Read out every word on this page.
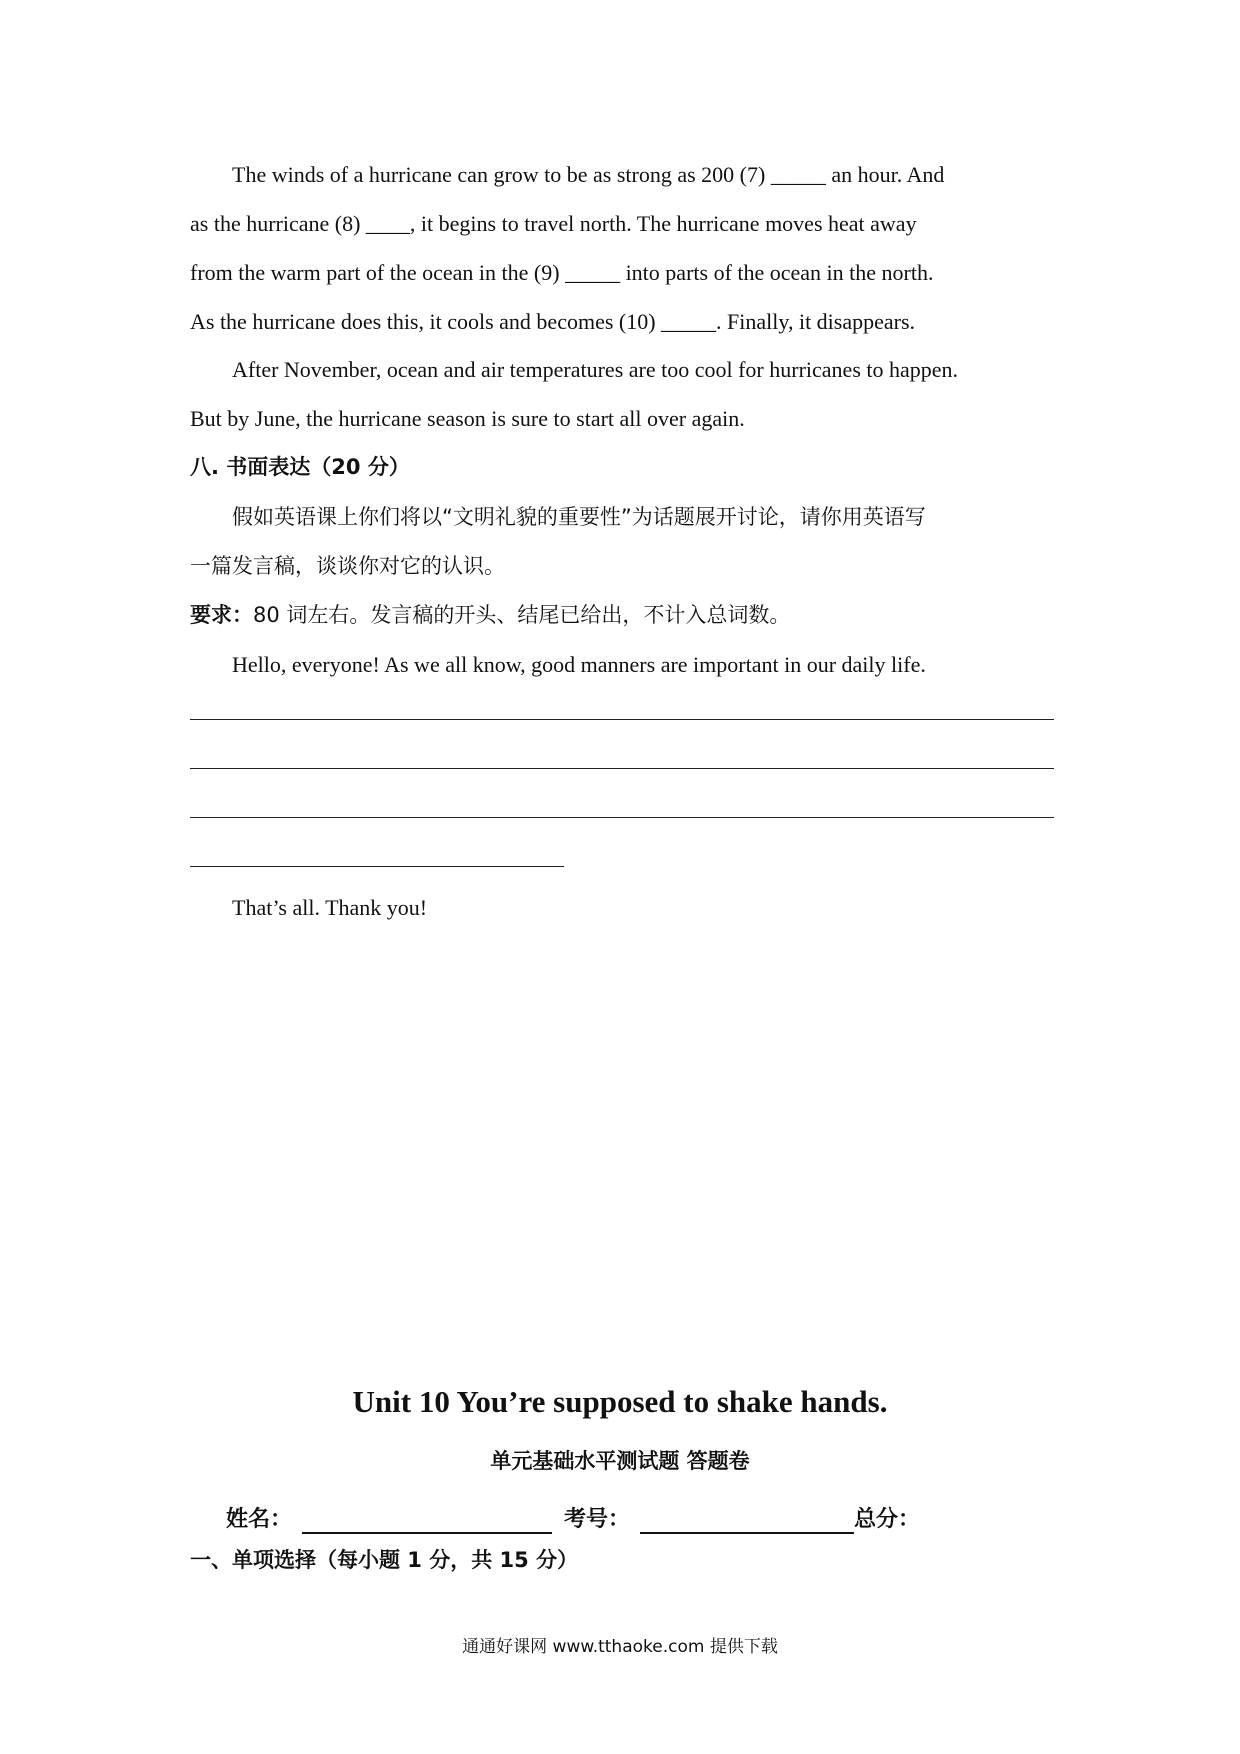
The winds of a hurricane can grow to be as strong as 200 (7) _____ an hour. And
as the hurricane (8) ____, it begins to travel north. The hurricane moves heat away
from the warm part of the ocean in the (9) _____ into parts of the ocean in the north.
As the hurricane does this, it cools and becomes (10) _____. Finally, it disappears.
After November, ocean and air temperatures are too cool for hurricanes to happen.
But by June, the hurricane season is sure to start all over again.
八. 书面表达（20 分）
假如英语课上你们将以“文明礼貌的重要性”为话题展开讨论，请你用英语写
一篇发言稿，谈谈你对它的认识。
要求：80 词左右。发言稿的开头、结尾已给出，不计入总词数。
Hello, everyone! As we all know, good manners are important in our daily life.
That’s all. Thank you!
Unit 10 You’re supposed to shake hands.
单元基础水平测试题 答题卷
姓名：	考号：	总分：
一、单项选择（每小题 1 分，共 15 分）
通通好课网 www.tthaoke.com 提供下载
